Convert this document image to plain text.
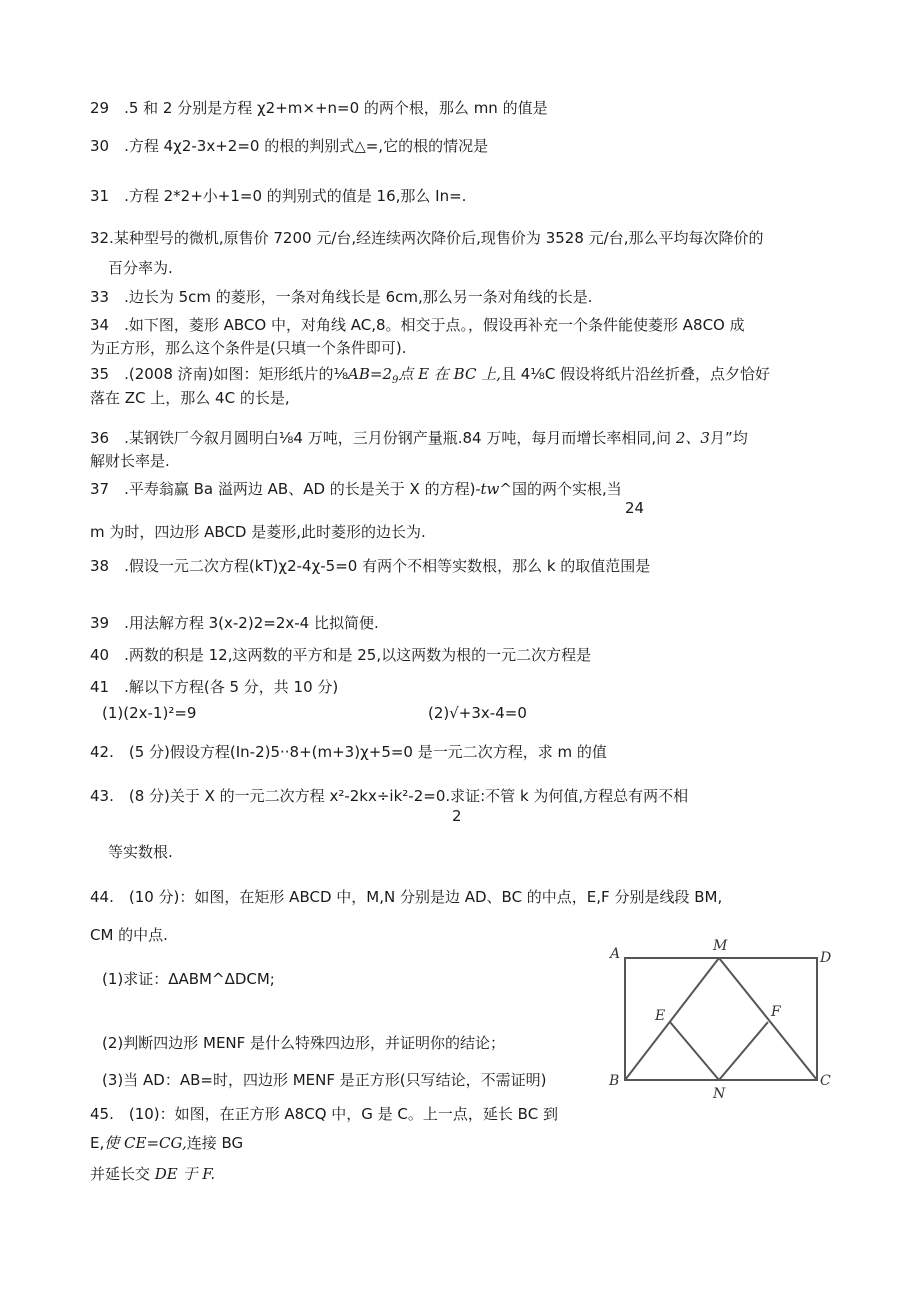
29　.5 和 2 分别是方程 χ2+m×+n=0 的两个根，那么 mn 的值是
30　.方程 4χ2-3x+2=0 的根的判别式△=,它的根的情况是
31　.方程 2*2+小+1=0 的判别式的值是 16,那么 In=.
32.某种型号的微机,原售价 7200 元/台,经连续两次降价后,现售价为 3528 元/台,那么平均每次降价的
百分率为.
33　.边长为 5cm 的菱形，一条对角线长是 6cm,那么另一条对角线的长是.
34　.如下图，菱形 ABCO 中，对角线 AC,8。相交于点。，假设再补充一个条件能使菱形 A8CO 成
为正方形，那么这个条件是(只填一个条件即可).
35　.(2008 济南)如图：矩形纸片的$\frac{1}{8}AB=2_9$点 E 在 BC 上,且 4⅛C 假设将纸片沿丝折叠，点夕恰好
落在 ZC 上，那么 4C 的长是,
36　.某钢铁厂今叙月圆明白⅛4 万吨，三月份钢产量瓶.84 万吨，每月而增长率相同,问 2、3月”均
解财长率是.
37　.平寿翁赢 Ba 溢两边 AB、AD 的长是关于 X 的方程)-tw^国的两个实根,当
24
m 为时，四边形 ABCD 是菱形,此时菱形的边长为.
38　.假设一元二次方程(kT)χ2-4χ-5=0 有两个不相等实数根，那么 k 的取值范围是
39　.用法解方程 3(x-2)2=2x-4 比拟简便.
40　.两数的积是 12,这两数的平方和是 25,以这两数为根的一元二次方程是
41　.解以下方程(各 5 分，共 10 分)
(1)(2x-1)²=9	(2)√+3x-4=0
42.　(5 分)假设方程(In-2)5··8+(m+3)χ+5=0 是一元二次方程，求 m 的值
43.　(8 分)关于 X 的一元二次方程 x²-2kx÷ik²-2=0.求证:不管 k 为何值,方程总有两不相
2
等实数根.
44.　(10 分)：如图，在矩形 ABCD 中，M,N 分别是边 AD、BC 的中点，E,F 分别是线段 BM,
CM 的中点.
(1)求证：ΔABM^ΔDCM;
(2)判断四边形 MENF 是什么特殊四边形，并证明你的结论；
(3)当 AD：AB=时，四边形 MENF 是正方形(只写结论，不需证明)
45.　(10)：如图，在正方形 A8CQ 中，G 是 C。上一点，延长 BC 到
E,使 CE=CG,连接 BG
并延长交 DE 于 F.
A	M
D
E	F
B
N
C
